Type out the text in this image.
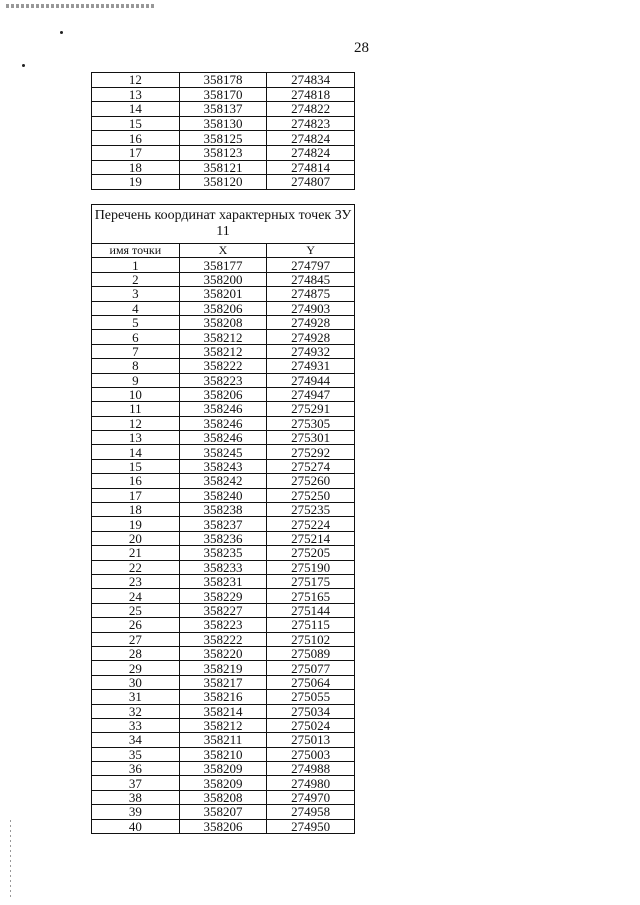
28
12	358178	274834
13	358170	274818
14	358137	274822
15	358130	274823
16	358125	274824
17	358123	274824
18	358121	274814
19	358120	274807
Перечень координат характерных точек ЗУ 11		
имя точки	X	Y
1	358177	274797
2	358200	274845
3	358201	274875
4	358206	274903
5	358208	274928
6	358212	274928
7	358212	274932
8	358222	274931
9	358223	274944
10	358206	274947
11	358246	275291
12	358246	275305
13	358246	275301
14	358245	275292
15	358243	275274
16	358242	275260
17	358240	275250
18	358238	275235
19	358237	275224
20	358236	275214
21	358235	275205
22	358233	275190
23	358231	275175
24	358229	275165
25	358227	275144
26	358223	275115
27	358222	275102
28	358220	275089
29	358219	275077
30	358217	275064
31	358216	275055
32	358214	275034
33	358212	275024
34	358211	275013
35	358210	275003
36	358209	274988
37	358209	274980
38	358208	274970
39	358207	274958
40	358206	274950
